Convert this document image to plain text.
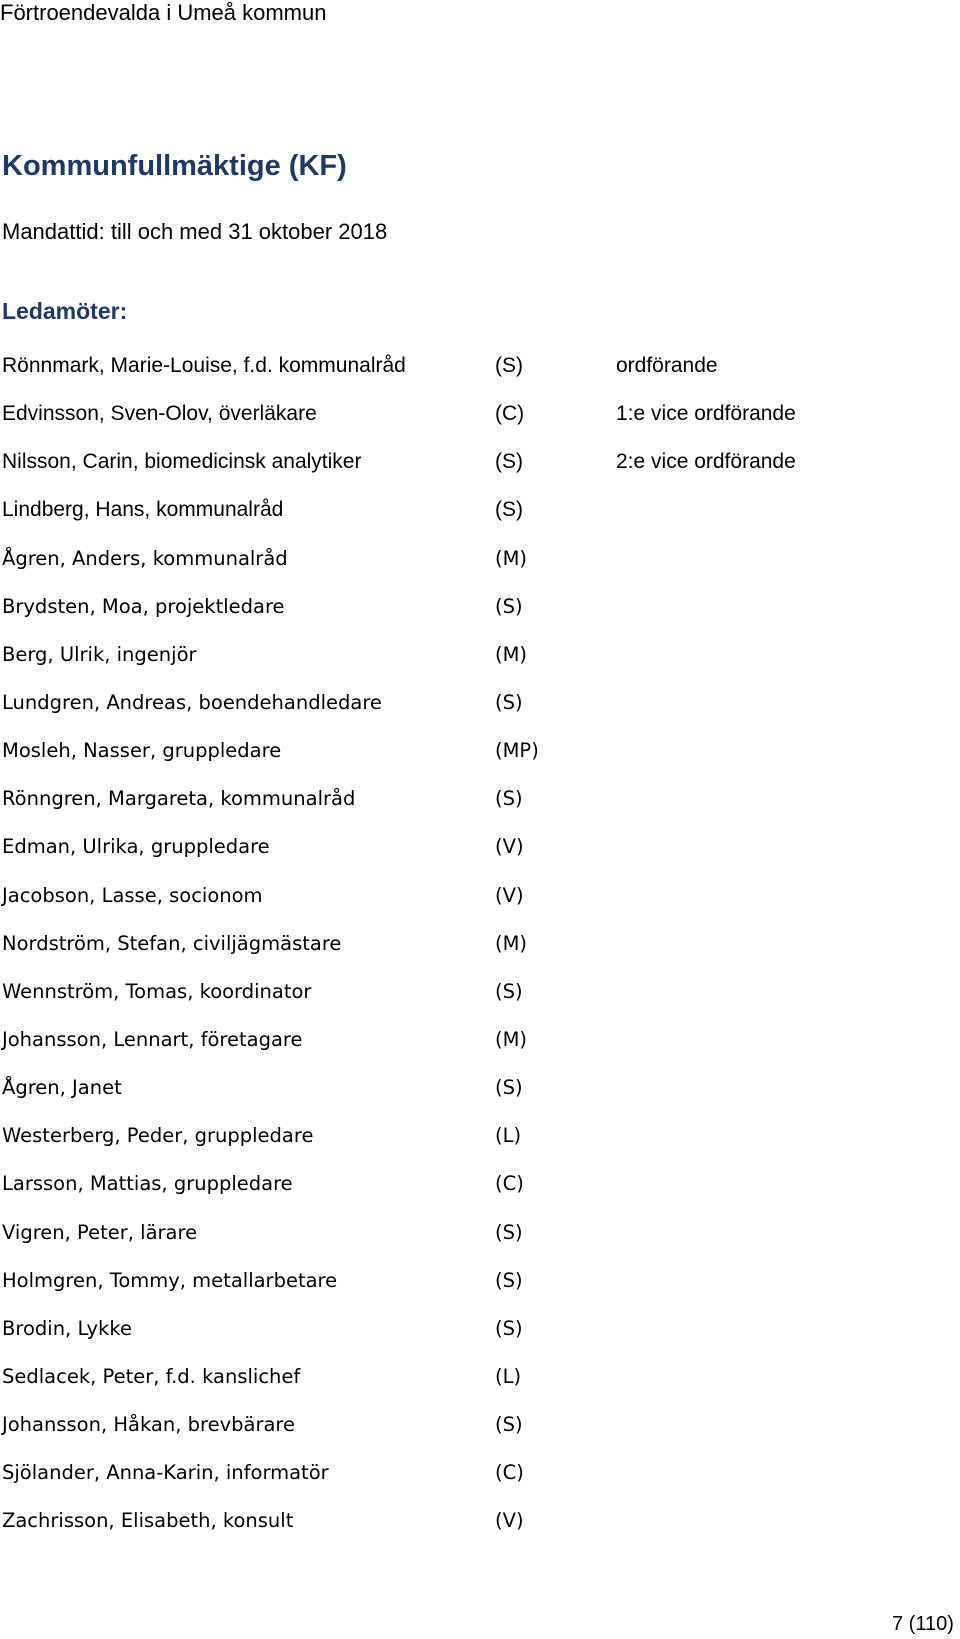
Förtroendevalda i Umeå kommun
Kommunfullmäktige (KF)
Mandattid: till och med 31 oktober 2018
Ledamöter:
Rönnmark, Marie-Louise, f.d. kommunalråd	(S)	ordförande
Edvinsson, Sven-Olov, överläkare	(C)	1:e vice ordförande
Nilsson, Carin, biomedicinsk analytiker	(S)	2:e vice ordförande
Lindberg, Hans, kommunalråd	(S)
Ågren, Anders, kommunalråd	(M)
Brydsten, Moa, projektledare	(S)
Berg, Ulrik, ingenjör	(M)
Lundgren, Andreas, boendehandledare	(S)
Mosleh, Nasser, gruppledare	(MP)
Rönngren, Margareta, kommunalråd	(S)
Edman, Ulrika, gruppledare	(V)
Jacobson, Lasse, socionom	(V)
Nordström, Stefan, civiljägmästare	(M)
Wennström, Tomas, koordinator	(S)
Johansson, Lennart, företagare	(M)
Ågren, Janet	(S)
Westerberg, Peder, gruppledare	(L)
Larsson, Mattias, gruppledare	(C)
Vigren, Peter, lärare	(S)
Holmgren, Tommy, metallarbetare	(S)
Brodin, Lykke	(S)
Sedlacek, Peter, f.d. kanslichef	(L)
Johansson, Håkan, brevbärare	(S)
Sjölander, Anna-Karin, informatör	(C)
Zachrisson, Elisabeth, konsult	(V)
7 (110)
